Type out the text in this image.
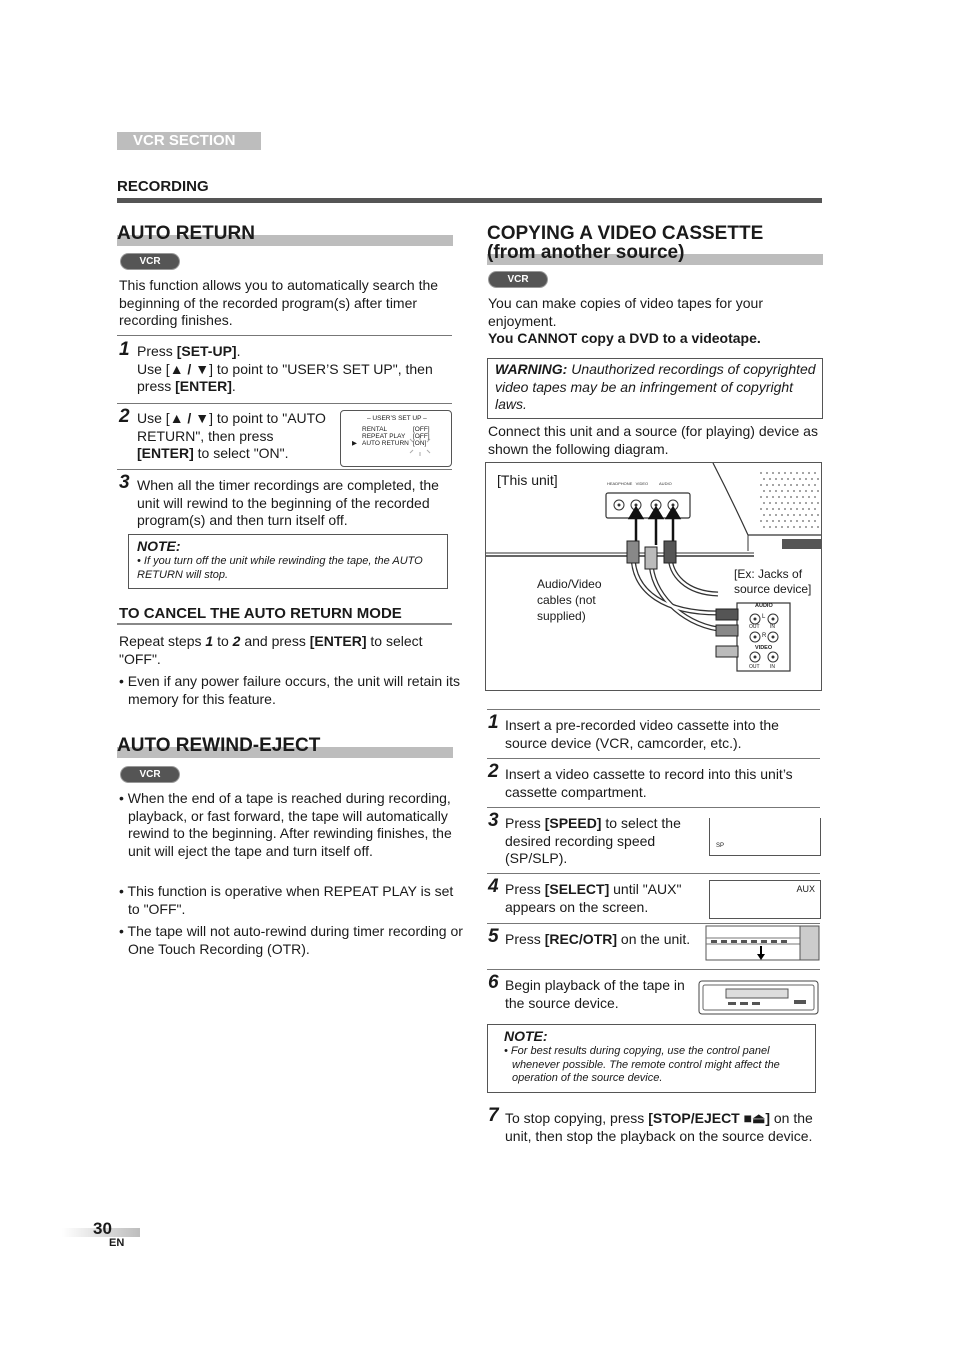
VCR SECTION
RECORDING
AUTO RETURN
VCR
This function allows you to automatically search the beginning of the recorded program(s) after timer recording finishes.
1 Press [SET-UP].
Use [▲ / ▼] to point to "USER’S SET UP", then press [ENTER].
2 Use [▲ / ▼] to point to "AUTO RETURN", then press [ENTER] to select "ON".
– USER’S SET UP –
RENTAL	[OFF]
REPEAT PLAY [OFF]
▶ AUTO RETURN [ON]
3 When all the timer recordings are completed, the unit will rewind to the beginning of the recorded program(s) and then turn itself off.
NOTE:
• If you turn off the unit while rewinding the tape, the AUTO RETURN will stop.
TO CANCEL THE AUTO RETURN MODE
Repeat steps 1 to 2 and press [ENTER] to select "OFF".
• Even if any power failure occurs, the unit will retain its memory for this feature.
AUTO REWIND-EJECT
VCR
• When the end of a tape is reached during recording, playback, or fast forward, the tape will automatically rewind to the beginning. After rewinding finishes, the unit will eject the tape and turn itself off.
• This function is operative when REPEAT PLAY is set to "OFF".
• The tape will not auto-rewind during timer recording or One Touch Recording (OTR).
COPYING A VIDEO CASSETTE
(from another source)
VCR
You can make copies of video tapes for your enjoyment.
You CANNOT copy a DVD to a videotape.
WARNING: Unauthorized recordings of copyrighted video tapes may be an infringement of copyright laws.
Connect this unit and a source (for playing) device as shown the following diagram.
[This unit]	HEADPHONE   VIDEO          AUDIO
Audio/Video cables (not supplied)
[Ex: Jacks of source device]
AUDIO
L
R
OUT IN
VIDEO
OUT IN
1 Insert a pre-recorded video cassette into the source device (VCR, camcorder, etc.).
2 Insert a video cassette to record into this unit’s cassette compartment.
3 Press [SPEED] to select the desired recording speed (SP/SLP).
SP
4 Press [SELECT] until "AUX" appears on the screen.
AUX
5 Press [REC/OTR] on the unit.
6 Begin playback of the tape in the source device.
NOTE:
• For best results during copying, use the control panel whenever possible. The remote control might affect the operation of the source device.
7 To stop copying, press [STOP/EJECT ■⏏] on the unit, then stop the playback on the source device.
30
EN
